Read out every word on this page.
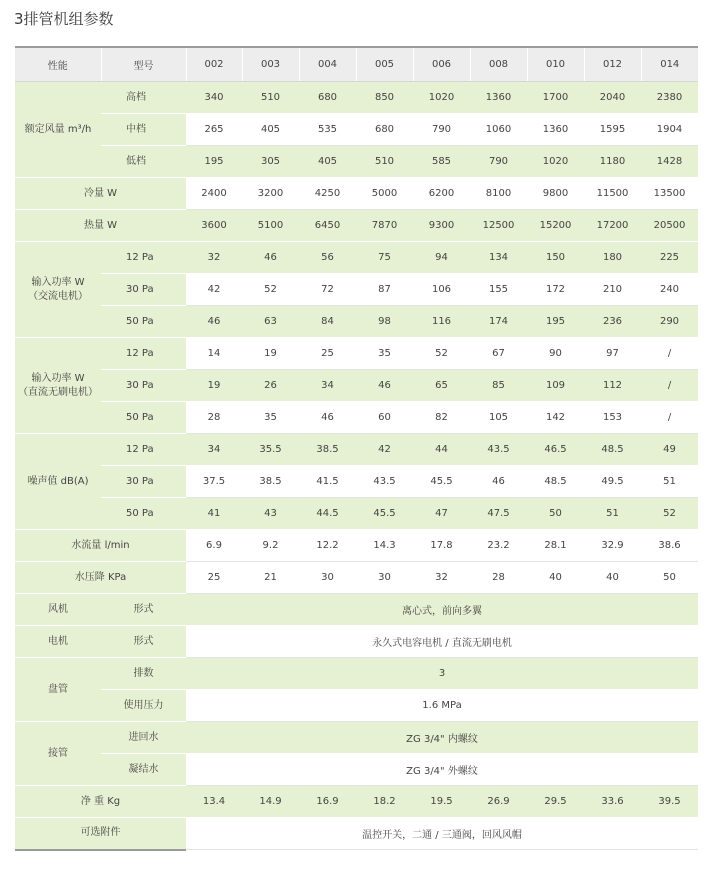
3排管机组参数
性能	型号	002	003	004	005	006	008	010	012	014
额定风量 m³/h	高档	340	510	680	850	1020	1360	1700	2040	2380
	中档	265	405	535	680	790	1060	1360	1595	1904
	低档	195	305	405	510	585	790	1020	1180	1428
冷量 W		2400	3200	4250	5000	6200	8100	9800	11500	13500
热量 W		3600	5100	6450	7870	9300	12500	15200	17200	20500

输入功率 W
（交流电机）	12 Pa	32	46	56	75	94	134	150	180	225
	30 Pa	42	52	72	87	106	155	172	210	240
	50 Pa	46	63	84	98	116	174	195	236	290

输入功率 W
（直流无刷电机）	12 Pa	14	19	25	35	52	67	90	97	/
	30 Pa	19	26	34	46	65	85	109	112	/
	50 Pa	28	35	46	60	82	105	142	153	/
噪声值 dB(A)	12 Pa	34	35.5	38.5	42	44	43.5	46.5	48.5	49
	30 Pa	37.5	38.5	41.5	43.5	45.5	46	48.5	49.5	51
	50 Pa	41	43	44.5	45.5	47	47.5	50	51	52
水流量 l/min		6.9	9.2	12.2	14.3	17.8	23.2	28.1	32.9	38.6
水压降 KPa		25	21	30	30	32	28	40	40	50
风机	形式	离心式，前向多翼								
电机	形式	永久式电容电机 / 直流无刷电机								
盘管	排数	3								
	使用压力	1.6 MPa								
接管	进回水	ZG 3/4" 内螺纹								
	凝结水	ZG 3/4" 外螺纹								
净 重 Kg		13.4	14.9	16.9	18.2	19.5	26.9	29.5	33.6	39.5
可选附件		温控开关，二通 / 三通阀，回风风帽								
